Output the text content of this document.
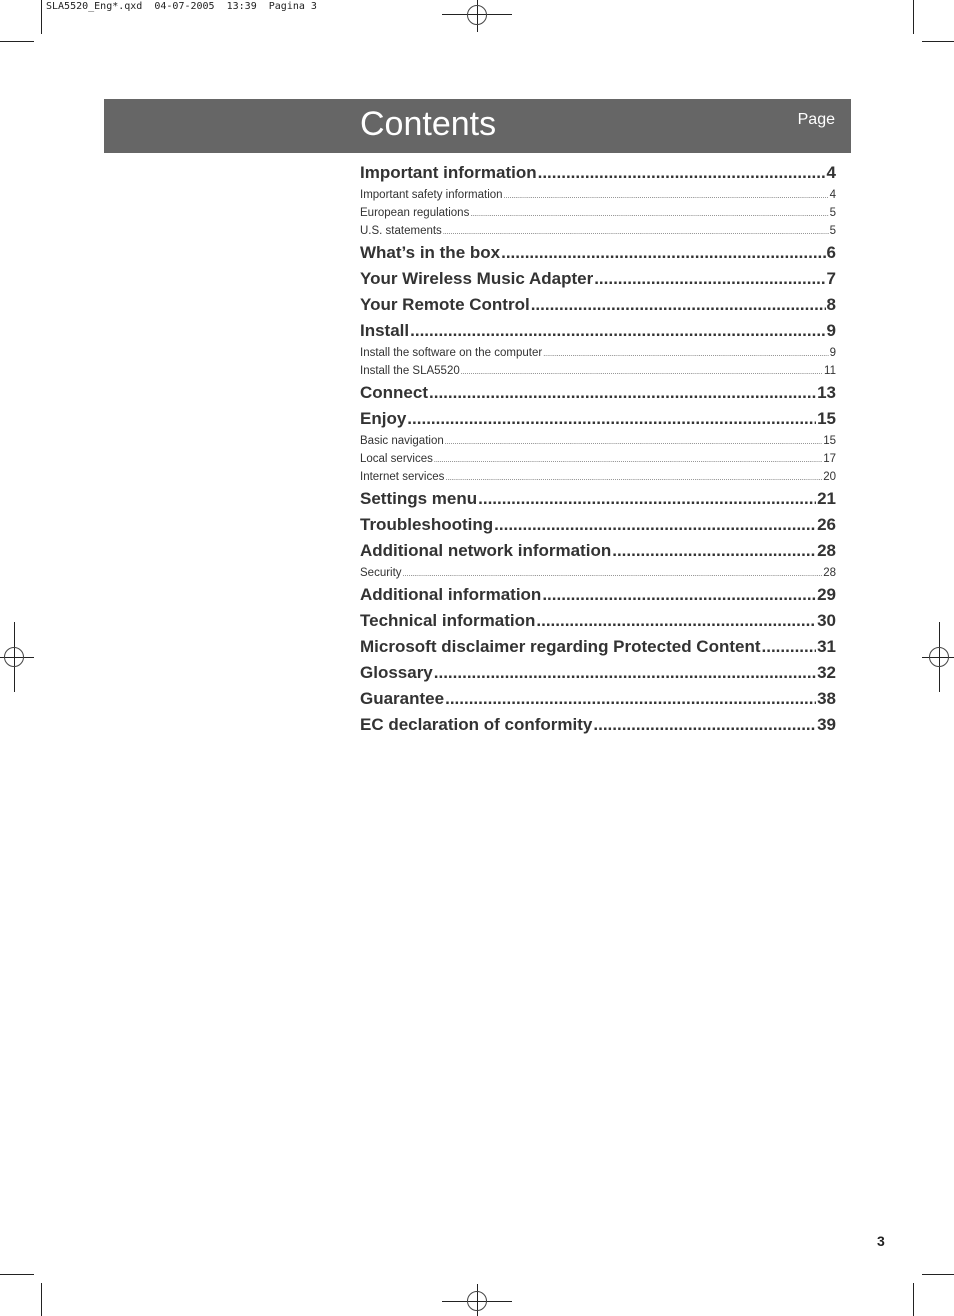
SLA5520_Eng*.qxd  04-07-2005  13:39  Pagina 3
Contents	Page
Important information .....	4
Important safety information .....	4
European regulations .....	5
U.S. statements .....	5
What’s in the box .....	6
Your Wireless Music Adapter .....	7
Your Remote Control .....	8
Install .....	9
Install the software on the computer .....	9
Install the SLA5520 .....	11
Connect .....	13
Enjoy .....	15
Basic navigation .....	15
Local services .....	17
Internet services .....	20
Settings menu .....	21
Troubleshooting .....	26
Additional network information .....	28
Security .....	28
Additional information .....	29
Technical information .....	30
Microsoft disclaimer regarding Protected Content .....	31
Glossary .....	32
Guarantee .....	38
EC declaration of conformity .....	39
3
